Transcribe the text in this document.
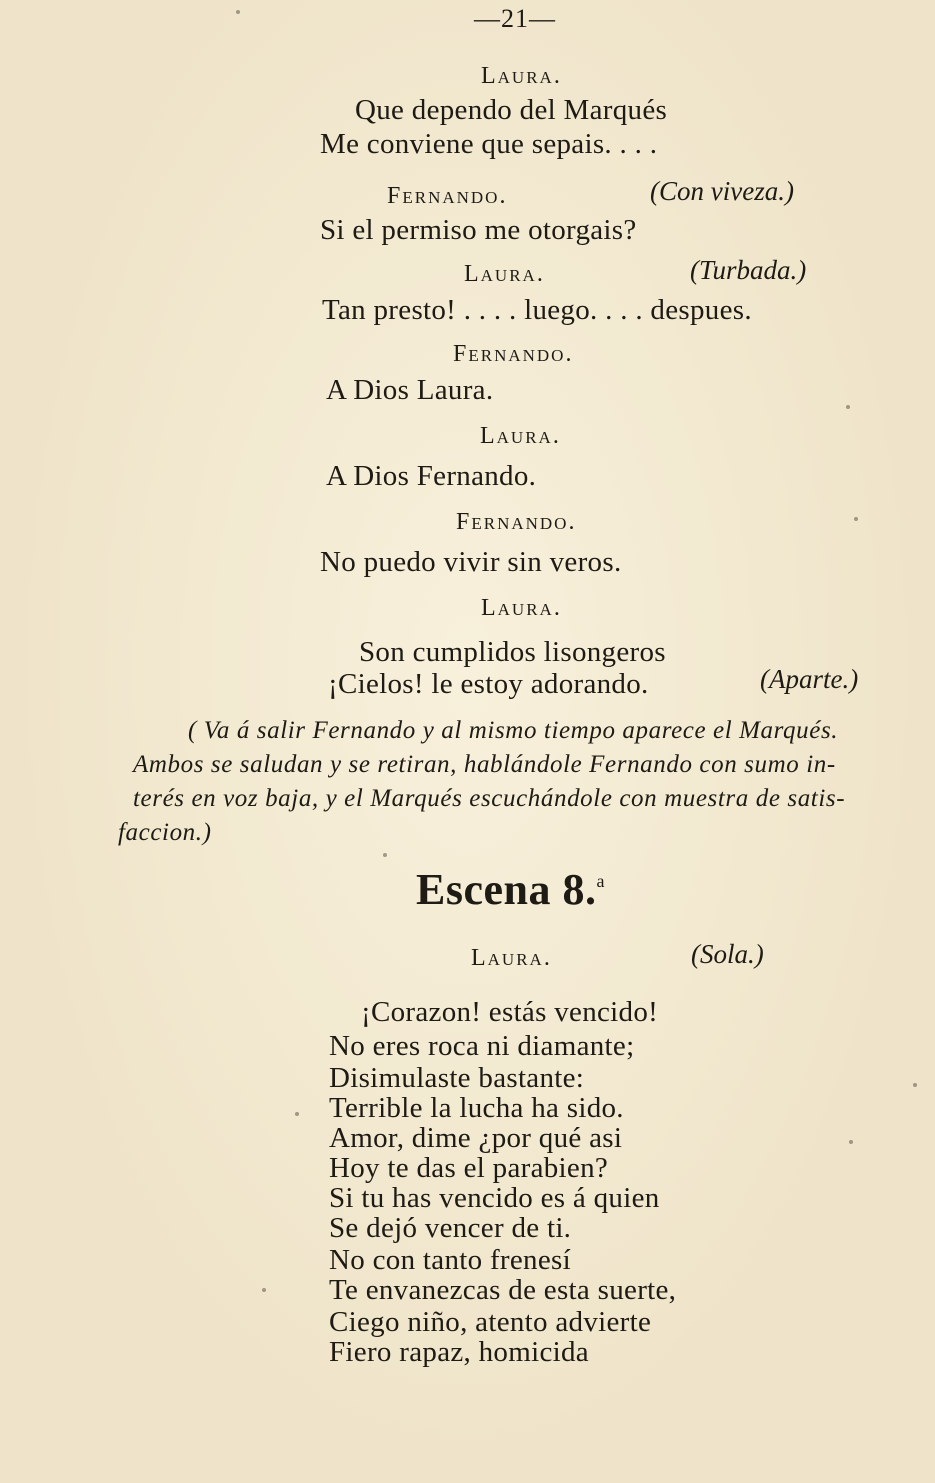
—21—
Laura.
Que dependo del Marqués
Me conviene que sepais. . . .
Fernando.	(Con viveza.)
Si el permiso me otorgais?
Laura.	(Turbada.)
Tan presto! . . . . luego. . . . despues.
Fernando.
A Dios Laura.
Laura.
A Dios Fernando.
Fernando.
No puedo vivir sin veros.
Laura.
Son cumplidos lisongeros
¡Cielos! le estoy adorando.	(Aparte.)
( Va á salir Fernando y al mismo tiempo aparece el Marqués.
Ambos se saludan y se retiran, hablándole Fernando con sumo in-
terés en voz baja, y el Marqués escuchándole con muestra de satis-
faccion.)
Escena 8.$^a$
Laura.	(Sola.)
¡Corazon! estás vencido!
No eres roca ni diamante;
Disimulaste bastante:
Terrible la lucha ha sido.
Amor, dime ¿por qué asi
Hoy te das el parabien?
Si tu has vencido es á quien
Se dejó vencer de ti.
No con tanto frenesí
Te envanezcas de esta suerte,
Ciego niño, atento advierte
Fiero rapaz, homicida
